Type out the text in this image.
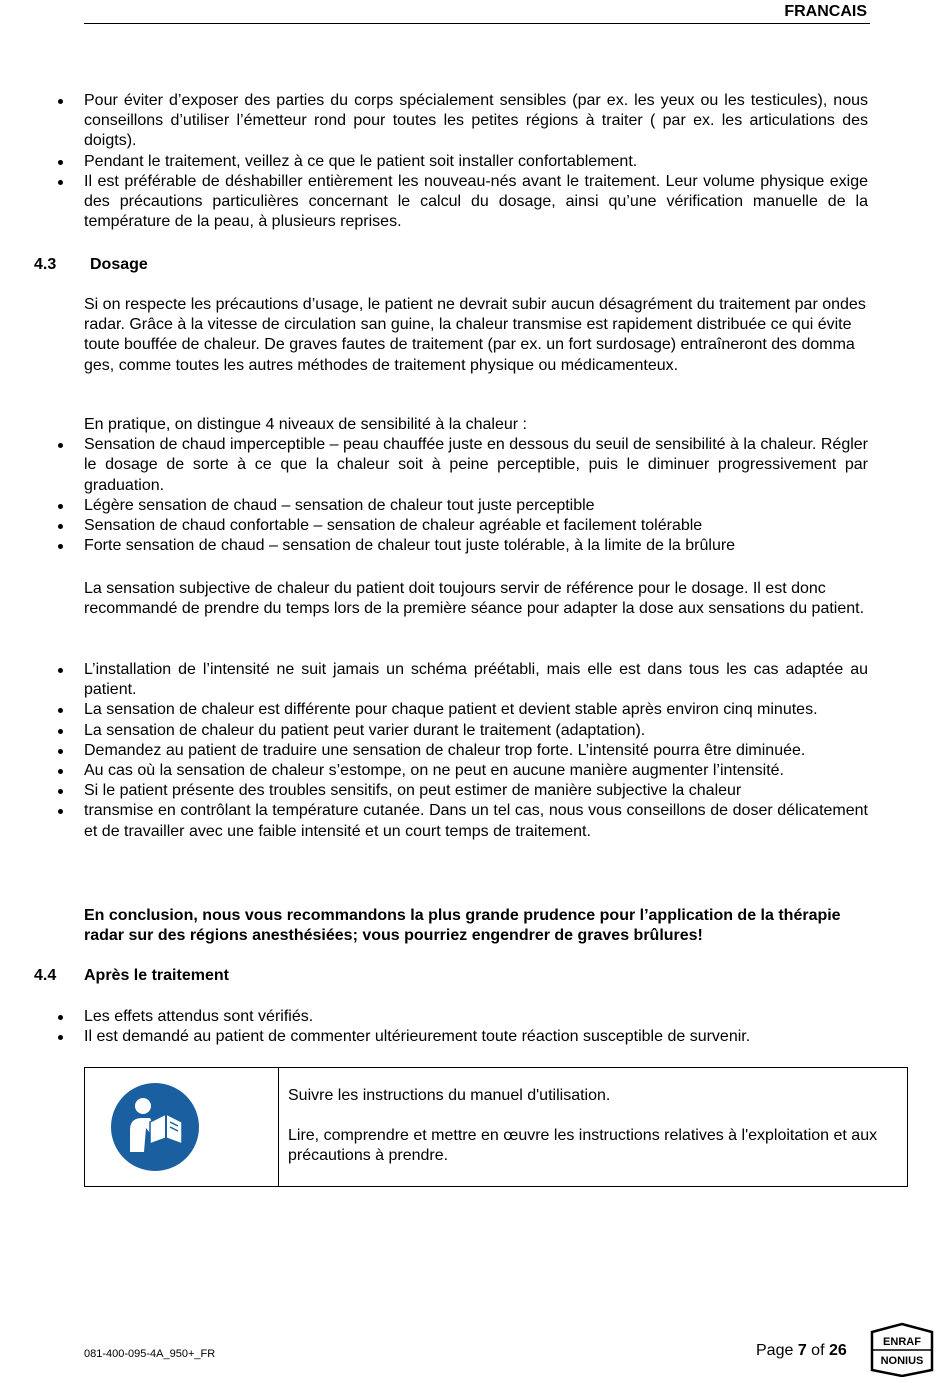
FRANCAIS
Pour éviter d’exposer des parties du corps spécialement sensibles (par ex. les yeux ou les testicules), nous conseillons d’utiliser l’émetteur rond pour toutes les petites régions à traiter ( par ex. les articulations des doigts).
Pendant le traitement, veillez à ce que le patient soit installer confortablement.
Il est préférable de déshabiller entièrement les nouveau-nés avant le traitement. Leur volume physique exige des précautions particulières concernant le calcul du dosage, ainsi qu’une vérification manuelle de la température de la peau, à plusieurs reprises.
4.3 Dosage

Si on respecte les précautions d’usage, le patient ne devrait subir aucun désagrément du traitement par ondes radar. Grâce à la vitesse de circulation san guine, la chaleur transmise est rapidement distribuée ce qui évite toute bouffée de chaleur. De graves fautes de traitement (par ex. un fort surdosage) entraîneront des domma ges, comme toutes les autres méthodes de traitement physique ou médicamenteux.

En pratique, on distingue 4 niveaux de sensibilité à la chaleur :

Sensation de chaud imperceptible – peau chauffée juste en dessous du seuil de sensibilité à la chaleur. Régler le dosage de sorte à ce que la chaleur soit à peine perceptible, puis le diminuer progressivement par graduation.
Légère sensation de chaud – sensation de chaleur tout juste perceptible
Sensation de chaud confortable – sensation de chaleur agréable et facilement tolérable
Forte sensation de chaud – sensation de chaleur tout juste tolérable, à la limite de la brûlure

La sensation subjective de chaleur du patient doit toujours servir de référence pour le dosage. Il est donc recommandé de prendre du temps lors de la première séance pour adapter la dose aux sensations du patient.

L’installation de l’intensité ne suit jamais un schéma préétabli, mais elle est dans tous les cas adaptée au patient.
La sensation de chaleur est différente pour chaque patient et devient stable après environ cinq minutes.
La sensation de chaleur du patient peut varier durant le traitement (adaptation).
Demandez au patient de traduire une sensation de chaleur trop forte. L’intensité pourra être diminuée.
Au cas où la sensation de chaleur s’estompe, on ne peut en aucune manière augmenter l’intensité.
Si le patient présente des troubles sensitifs, on peut estimer de manière subjective la chaleur
transmise en contrôlant la température cutanée. Dans un tel cas, nous vous conseillons de doser délicatement et de travailler avec une faible intensité et un court temps de traitement.

En conclusion, nous vous recommandons la plus grande prudence pour l’application de la thérapie radar sur des régions anesthésiées; vous pourriez engendrer de graves brûlures!

4.4 Après le traitement
Les effets attendus sont vérifiés.
Il est demandé au patient de commenter ultérieurement toute réaction susceptible de survenir.

Suivre les instructions du manuel d'utilisation.

Lire, comprendre et mettre en œuvre les instructions relatives à l'exploitation et aux précautions à prendre.

081-400-095-4A_950+_FR	Page 7 of 26	ENRAF
NONIUS
